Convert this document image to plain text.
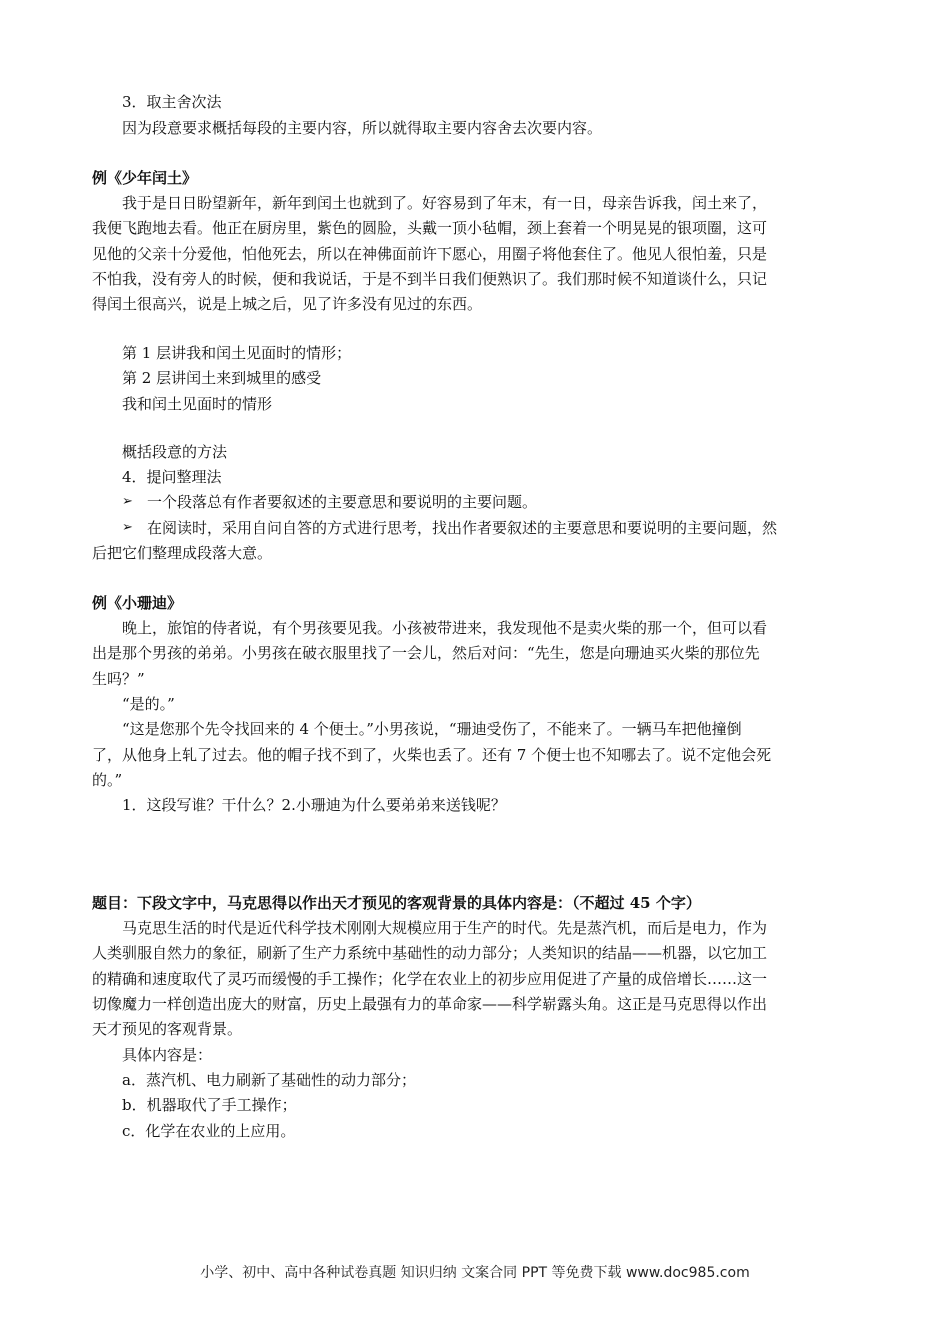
3．取主舍次法
因为段意要求概括每段的主要内容，所以就得取主要内容舍去次要内容。
例《少年闰土》
我于是日日盼望新年，新年到闰土也就到了。好容易到了年末，有一日，母亲告诉我，闰土来了，
我便飞跑地去看。他正在厨房里，紫色的圆脸，头戴一顶小毡帽，颈上套着一个明晃晃的银项圈，这可
见他的父亲十分爱他，怕他死去，所以在神佛面前许下愿心，用圈子将他套住了。他见人很怕羞，只是
不怕我，没有旁人的时候，便和我说话，于是不到半日我们便熟识了。我们那时候不知道谈什么，只记
得闰土很高兴，说是上城之后，见了许多没有见过的东西。
第 1 层讲我和闰土见面时的情形；
第 2 层讲闰土来到城里的感受
我和闰土见面时的情形
概括段意的方法
4．提问整理法
➢ 一个段落总有作者要叙述的主要意思和要说明的主要问题。
➢ 在阅读时，采用自问自答的方式进行思考，找出作者要叙述的主要意思和要说明的主要问题，然
后把它们整理成段落大意。
例《小珊迪》
晚上，旅馆的侍者说，有个男孩要见我。小孩被带进来，我发现他不是卖火柴的那一个，但可以看
出是那个男孩的弟弟。小男孩在破衣服里找了一会儿，然后对问：“先生，您是向珊迪买火柴的那位先
生吗？”
“是的。”
“这是您那个先令找回来的 4 个便士。”小男孩说，“珊迪受伤了，不能来了。一辆马车把他撞倒
了，从他身上轧了过去。他的帽子找不到了，火柴也丢了。还有 7 个便士也不知哪去了。说不定他会死
的。”
1．这段写谁？干什么？2.小珊迪为什么要弟弟来送钱呢？
题目：下段文字中，马克思得以作出天才预见的客观背景的具体内容是：（不超过 45 个字）
马克思生活的时代是近代科学技术刚刚大规模应用于生产的时代。先是蒸汽机，而后是电力，作为
人类驯服自然力的象征，刷新了生产力系统中基础性的动力部分；人类知识的结晶——机器，以它加工
的精确和速度取代了灵巧而缓慢的手工操作；化学在农业上的初步应用促进了产量的成倍增长……这一
切像魔力一样创造出庞大的财富，历史上最强有力的革命家——科学崭露头角。这正是马克思得以作出
天才预见的客观背景。
具体内容是：
a．蒸汽机、电力刷新了基础性的动力部分；
b．机器取代了手工操作；
c．化学在农业的上应用。
小学、初中、高中各种试卷真题 知识归纳 文案合同 PPT 等免费下载 www.doc985.com
